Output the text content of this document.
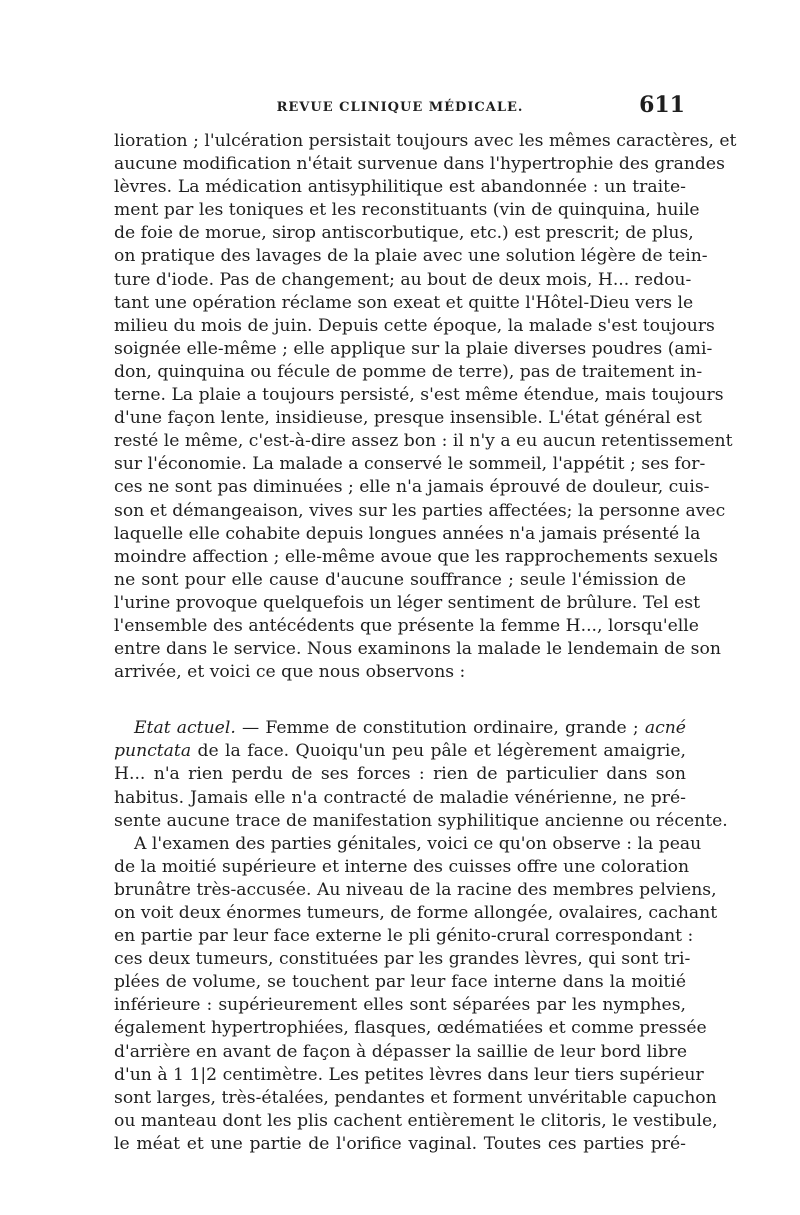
REVUE CLINIQUE MÉDICALE.	611
lioration ; l'ulcération persistait toujours avec les mêmes caractères, et
aucune modification n'était survenue dans l'hypertrophie des grandes
lèvres. La médication antisyphilitique est abandonnée : un traite-
ment par les toniques et les reconstituants (vin de quinquina, huile
de foie de morue, sirop antiscorbutique, etc.) est prescrit; de plus,
on pratique des lavages de la plaie avec une solution légère de tein-
ture d'iode. Pas de changement; au bout de deux mois, H... redou-
tant une opération réclame son exeat et quitte l'Hôtel-Dieu vers le
milieu du mois de juin. Depuis cette époque, la malade s'est toujours
soignée elle-même ; elle applique sur la plaie diverses poudres (ami-
don, quinquina ou fécule de pomme de terre), pas de traitement in-
terne. La plaie a toujours persisté, s'est même étendue, mais toujours
d'une façon lente, insidieuse, presque insensible. L'état général est
resté le même, c'est-à-dire assez bon : il n'y a eu aucun retentissement
sur l'économie. La malade a conservé le sommeil, l'appétit ; ses for-
ces ne sont pas diminuées ; elle n'a jamais éprouvé de douleur, cuis-
son et démangeaison, vives sur les parties affectées; la personne avec
laquelle elle cohabite depuis longues années n'a jamais présenté la
moindre affection ; elle-même avoue que les rapprochements sexuels
ne sont pour elle cause d'aucune souffrance ; seule l'émission de
l'urine provoque quelquefois un léger sentiment de brûlure. Tel est
l'ensemble des antécédents que présente la femme H..., lorsqu'elle
entre dans le service. Nous examinons la malade le lendemain de son
arrivée, et voici ce que nous observons :
Etat actuel. — Femme de constitution ordinaire, grande ; acné
punctata de la face. Quoiqu'un peu pâle et légèrement amaigrie,
H... n'a rien perdu de ses forces : rien de particulier dans son
habitus. Jamais elle n'a contracté de maladie vénérienne, ne pré-
sente aucune trace de manifestation syphilitique ancienne ou récente.
A l'examen des parties génitales, voici ce qu'on observe : la peau
de la moitié supérieure et interne des cuisses offre une coloration
brunâtre très-accusée. Au niveau de la racine des membres pelviens,
on voit deux énormes tumeurs, de forme allongée, ovalaires, cachant
en partie par leur face externe le pli génito-crural correspondant :
ces deux tumeurs, constituées par les grandes lèvres, qui sont tri-
plées de volume, se touchent par leur face interne dans la moitié
inférieure : supérieurement elles sont séparées par les nymphes,
également hypertrophiées, flasques, œdématiées et comme pressée
d'arrière en avant de façon à dépasser la saillie de leur bord libre
d'un à 1 1|2 centimètre. Les petites lèvres dans leur tiers supérieur
sont larges, très-étalées, pendantes et forment unvéritable capuchon
ou manteau dont les plis cachent entièrement le clitoris, le vestibule,
le méat et une partie de l'orifice vaginal. Toutes ces parties pré-
